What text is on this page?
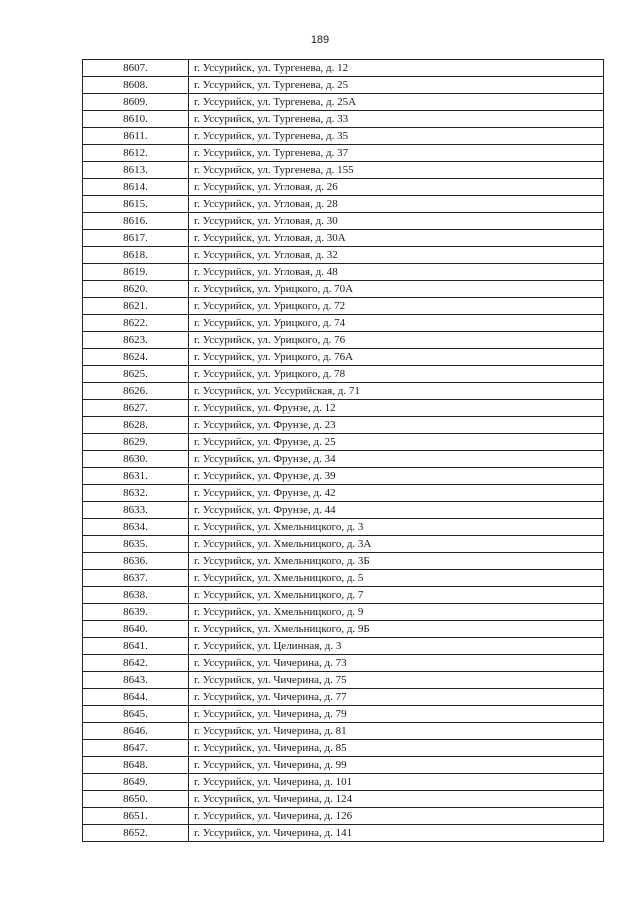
189
8607.	г. Уссурийск, ул. Тургенева, д. 12
8608.	г. Уссурийск, ул. Тургенева, д. 25
8609.	г. Уссурийск, ул. Тургенева, д. 25А
8610.	г. Уссурийск, ул. Тургенева, д. 33
8611.	г. Уссурийск, ул. Тургенева, д. 35
8612.	г. Уссурийск, ул. Тургенева, д. 37
8613.	г. Уссурийск, ул. Тургенева, д. 155
8614.	г. Уссурийск, ул. Угловая, д. 26
8615.	г. Уссурийск, ул. Угловая, д. 28
8616.	г. Уссурийск, ул. Угловая, д. 30
8617.	г. Уссурийск, ул. Угловая, д. 30А
8618.	г. Уссурийск, ул. Угловая, д. 32
8619.	г. Уссурийск, ул. Угловая, д. 48
8620.	г. Уссурийск, ул. Урицкого, д. 70А
8621.	г. Уссурийск, ул. Урицкого, д. 72
8622.	г. Уссурийск, ул. Урицкого, д. 74
8623.	г. Уссурийск, ул. Урицкого, д. 76
8624.	г. Уссурийск, ул. Урицкого, д. 76А
8625.	г. Уссурийск, ул. Урицкого, д. 78
8626.	г. Уссурийск, ул. Уссурийская, д. 71
8627.	г. Уссурийск, ул. Фрунзе, д. 12
8628.	г. Уссурийск, ул. Фрунзе, д. 23
8629.	г. Уссурийск, ул. Фрунзе, д. 25
8630.	г. Уссурийск, ул. Фрунзе, д. 34
8631.	г. Уссурийск, ул. Фрунзе, д. 39
8632.	г. Уссурийск, ул. Фрунзе, д. 42
8633.	г. Уссурийск, ул. Фрунзе, д. 44
8634.	г. Уссурийск, ул. Хмельницкого, д. 3
8635.	г. Уссурийск, ул. Хмельницкого, д. 3А
8636.	г. Уссурийск, ул. Хмельницкого, д. 3Б
8637.	г. Уссурийск, ул. Хмельницкого, д. 5
8638.	г. Уссурийск, ул. Хмельницкого, д. 7
8639.	г. Уссурийск, ул. Хмельницкого, д. 9
8640.	г. Уссурийск, ул. Хмельницкого, д. 9Б
8641.	г. Уссурийск, ул. Целинная, д. 3
8642.	г. Уссурийск, ул. Чичерина, д. 73
8643.	г. Уссурийск, ул. Чичерина, д. 75
8644.	г. Уссурийск, ул. Чичерина, д. 77
8645.	г. Уссурийск, ул. Чичерина, д. 79
8646.	г. Уссурийск, ул. Чичерина, д. 81
8647.	г. Уссурийск, ул. Чичерина, д. 85
8648.	г. Уссурийск, ул. Чичерина, д. 99
8649.	г. Уссурийск, ул. Чичерина, д. 101
8650.	г. Уссурийск, ул. Чичерина, д. 124
8651.	г. Уссурийск, ул. Чичерина, д. 126
8652.	г. Уссурийск, ул. Чичерина, д. 141
